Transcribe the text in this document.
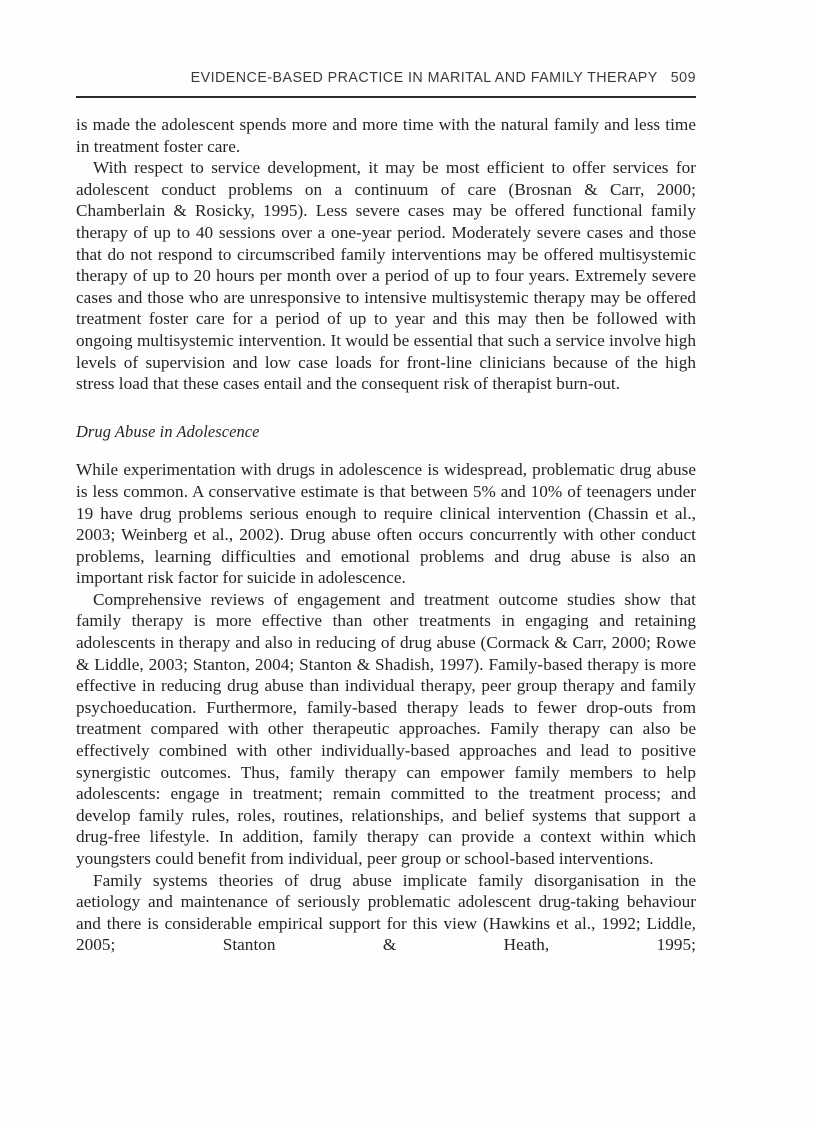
EVIDENCE-BASED PRACTICE IN MARITAL AND FAMILY THERAPY 509

is made the adolescent spends more and more time with the natural family and less time in treatment foster care.

With respect to service development, it may be most efficient to offer services for adolescent conduct problems on a continuum of care (Brosnan & Carr, 2000; Chamberlain & Rosicky, 1995). Less severe cases may be offered functional family therapy of up to 40 sessions over a one-year period. Moderately severe cases and those that do not respond to circumscribed family interventions may be offered multisystemic therapy of up to 20 hours per month over a period of up to four years. Extremely severe cases and those who are unresponsive to intensive multisystemic therapy may be offered treatment foster care for a period of up to year and this may then be followed with ongoing multisystemic intervention. It would be essential that such a service involve high levels of supervision and low case loads for front-line clinicians because of the high stress load that these cases entail and the consequent risk of therapist burn-out.

Drug Abuse in Adolescence

While experimentation with drugs in adolescence is widespread, problematic drug abuse is less common. A conservative estimate is that between 5% and 10% of teenagers under 19 have drug problems serious enough to require clinical intervention (Chassin et al., 2003; Weinberg et al., 2002). Drug abuse often occurs concurrently with other conduct problems, learning difficulties and emotional problems and drug abuse is also an important risk factor for suicide in adolescence.

Comprehensive reviews of engagement and treatment outcome studies show that family therapy is more effective than other treatments in engaging and retaining adolescents in therapy and also in reducing of drug abuse (Cormack & Carr, 2000; Rowe & Liddle, 2003; Stanton, 2004; Stanton & Shadish, 1997). Family-based therapy is more effective in reducing drug abuse than individual therapy, peer group therapy and family psychoeducation. Furthermore, family-based therapy leads to fewer drop-outs from treatment compared with other therapeutic approaches. Family therapy can also be effectively combined with other individually-based approaches and lead to positive synergistic outcomes. Thus, family therapy can empower family members to help adolescents: engage in treatment; remain committed to the treatment process; and develop family rules, roles, routines, relationships, and belief systems that support a drug-free lifestyle. In addition, family therapy can provide a context within which youngsters could benefit from individual, peer group or school-based interventions.

Family systems theories of drug abuse implicate family disorganisation in the aetiology and maintenance of seriously problematic adolescent drug-taking behaviour and there is considerable empirical support for this view (Hawkins et al., 1992; Liddle, 2005; Stanton & Heath, 1995;
